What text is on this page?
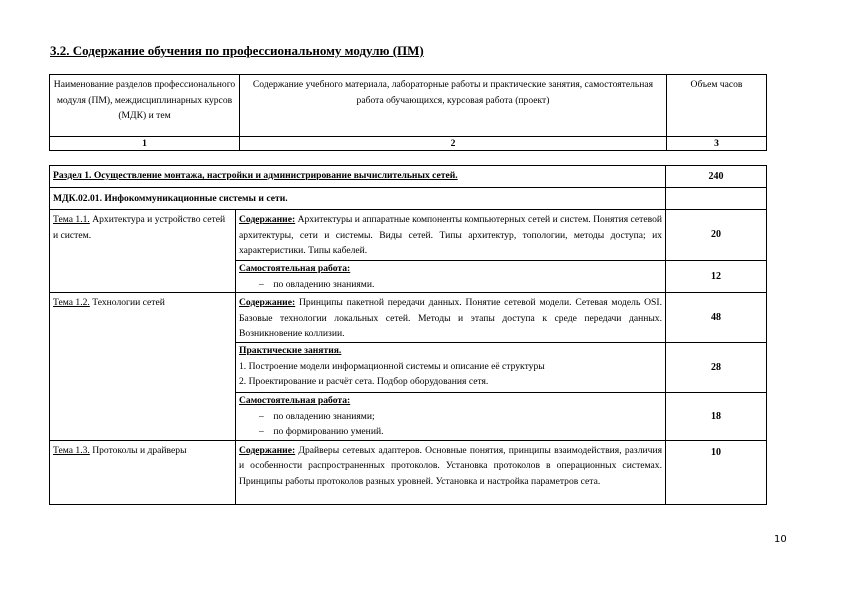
3.2. Содержание обучения по профессиональному модулю (ПМ)
Наименование разделов профессионального модуля (ПМ), междисциплинарных курсов (МДК) и тем	Содержание учебного материала, лабораторные работы и практические занятия, самостоятельная работа обучающихся, курсовая работа (проект)	Объем часов
1	2	3
Раздел 1. Осуществление монтажа, настройки и администрирование вычислительных сетей.		240
МДК.02.01. Инфокоммуникационные системы и сети.		
Тема 1.1. Архитектура и устройство сетей и систем.	Содержание: Архитектуры и аппаратные компоненты компьютерных сетей и систем. Понятия сетевой архитектуры, сети и системы. Виды сетей. Типы архитектур, топологии, методы доступа; их характеристики. Типы кабелей.	20

	Самостоятельная работа:
– по овладению знаниями.	12
Тема 1.2. Технологии сетей	Содержание: Принципы пакетной передачи данных. Понятие сетевой модели. Сетевая модель OSI. Базовые технологии локальных сетей. Методы и этапы доступа к среде передачи данных. Возникновение коллизии.	48

	Практические занятия.
1. Построение модели информационной системы и описание её структуры
2. Проектирование и расчёт сета. Подбор оборудования сетя.	28

	Самостоятельная работа:
– по овладению знаниями;
– по формированию умений.	18
Тема 1.3. Протоколы и драйверы	Содержание: Драйверы сетевых адаптеров. Основные понятия, принципы взаимодействия, различия и особенности распространенных протоколов. Установка протоколов в операционных системах. Принципы работы протоколов разных уровней. Установка и настройка параметров сета.	10
10
